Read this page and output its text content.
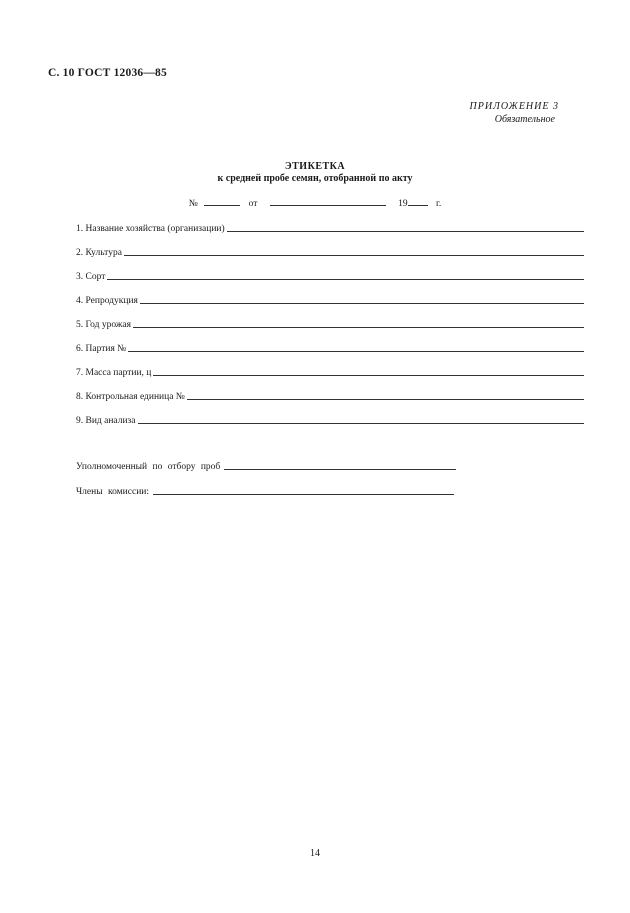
С. 10 ГОСТ 12036—85
ПРИЛОЖЕНИЕ 3
Обязательное
ЭТИКЕТКА
к средней пробе семян, отобранной по акту
№	от	19	г.
1. Название хозяйства (организации)
2. Культура
3. Сорт
4. Репродукция
5. Год урожая
6. Партия №
7. Масса партии, ц
8. Контрольная единица №
9. Вид анализа
Уполномоченный по отбору проб
Члены комиссии:
14
